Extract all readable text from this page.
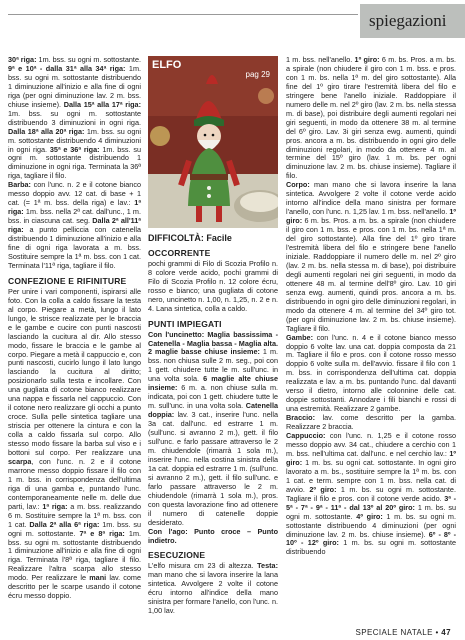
spiegazioni

30ª riga: 1m. bss. su ogni m. sottostante. 9ª e 10ª - dalla 31ª alla 34ª riga: 1m. bss. su ogni m. sottostante distribuendo 1 diminuzione all'inizio e alla fine di ogni riga (per ogni diminuzione lav. 2 m. bss. chiuse insieme). Dalla 15ª alla 17ª riga: 1m. bss. su ogni m. sottostante distribuendo 3 diminuzioni in ogni riga. Dalla 18ª alla 20ª riga: 1m. bss. su ogni m. sottostante distribuendo 4 diminuzioni in ogni riga. 35ª e 36ª riga: 1m. bss. su ogni m. sottostante distribuendo 1 diminuzione in ogni riga. Terminata la 36ª riga, tagliare il filo.

Barba: con l'unc. n. 2 e il cotone bianco messo doppio avv. 12 cat. di base + 1 cat. (= 1ª m. bss. della riga) e lav.: 1ª riga: 1m. bss. nella 2ª cat. dall'unc., 1 m. bss. in ciascuna cat. seg. Dalla 2ª all'11ª riga: a punto pelliccia con catenella distribuendo 1 diminuzione all'inizio e alla fine di ogni riga lavorata a m. bss. Sostituire sempre la 1ª m. bss. con 1 cat. Terminata l'11ª riga, tagliare il filo.

CONFEZIONE E RIFINITURE

Per unire i vari componenti, ispirarsi alle foto. Con la colla a caldo fissare la testa al corpo. Piegare a metà, lungo il lato lungo, le strisce realizzate per le braccia e le gambe e cucire con punti nascosti lasciando la cucitura al dir. Allo stesso modo, fissare le braccia e le gambe al corpo. Piegare a metà il cappuccio e, con punti nascosti, cucirlo lungo il lato lungo lasciando la cucitura al diritto; posizionarlo sulla testa e incollare. Con una gugliata di cotone bianco realizzare una nappa e fissarla nel cappuccio. Con il cotone nero realizzare gli occhi a punto croce. Sulla pelle sintetica tagliare una striscia per ottenere la cintura e con la colla a caldo fissarla sul corpo. Allo stesso modo fissare la barba sul viso e i bottoni sul corpo. Per realizzare una scarpa, con l'unc. n. 2 e il cotone marrone messo doppio fissare il filo con 1 m. bss. in corrispondenza dell'ultima riga di una gamba e, puntando l'unc. contemporaneamente nelle m. delle due parti, lav.: 1ª riga: a m. bss. realizzando 6 m. Sostituire sempre la 1ª m. bss. con 1 cat. Dalla 2ª alla 6ª riga: 1m. bss. su ogni m. sottostante. 7ª e 8ª riga: 1m. bss. su ogni m. sottostante distribuendo 1 diminuzione all'inizio e alla fine di ogni riga. Terminata l'8ª riga, tagliare il filo. Realizzare l'altra scarpa allo stesso modo. Per realizzare le mani lav. come descritto per le scarpe usando il cotone écru messo doppio.

ELFO
pag 29
DIFFICOLTÀ: Facile
OCCORRENTE

pochi grammi di Filo di Scozia Profilo n. 8 colore verde acido, pochi grammi di Filo di Scozia Profilo n. 12 colore écru, rosso e bianco; una gugliata di cotone nero, uncinetto n. 1,00, n. 1,25, n. 2 e n. 4. Lana sintetica, colla a caldo.

PUNTI IMPIEGATI

Con l'uncinetto: Maglia bassissima - Catenella - Maglia bassa - Maglia alta. 2 maglie basse chiuse insieme: 1 m. bss. non chiusa sulle 2 m. seg., poi con 1 gett. chiudere tutte le m. sull'unc. in una volta sola. 6 maglie alte chiuse insieme: 6 m. a. non chiuse sulla m. indicata, poi con 1 gett. chiudere tutte le m. sull'unc. in una volta sola. Catenella doppia: lav. 3 cat., inserire l'unc. nella 3a cat. dall'unc. ed estrarre 1 m. (sull'unc. si avranno 2 m.), gett. il filo sull'unc. e farlo passare attraverso le 2 m. chiudendole (rimarrà 1 sola m.), inserire l'unc. nella costina sinistra della 1a cat. doppia ed estrarre 1 m. (sull'unc. si avranno 2 m.), gett. il filo sull'unc. e farlo passare attraverso le 2 m. chiudendole (rimarrà 1 sola m.), pros. con questa lavorazione fino ad ottenere il numero di catenelle doppie desiderato.

Con l'ago: Punto croce – Punto indietro.

ESECUZIONE

L'elfo misura cm 23 di altezza. Testa: man mano che si lavora inserire la lana sintetica. Avvolgere 2 volte il cotone écru intorno all'indice della mano sinistra per formare l'anello, con l'unc. n. 1,00 lav.

1 m. bss. nell'anello. 1º giro: 6 m. bs. Pros. a m. bs. a spirale (non chiudere il giro con 1 m. bss. e pros. con 1 m. bs. nella 1ª m. del giro sottostante). Alla fine del 1º giro tirare l'estremità libera del filo e stringere bene l'anello iniziale. Raddoppiare il numero delle m. nel 2º giro (lav. 2 m. bs. nella stessa m. di base), poi distribuire degli aumenti regolari nei giri seguenti, in modo da ottenere 38 m. al termine del 6º giro. Lav. 3i giri senza ewg. aumenti, quindi pros. ancora a m. bs. distribuendo in ogni giro delle diminuzioni regolari, in modo da ottenere 4 m. al termine del 15º giro (lav. 1 m. bs. per ogni diminuzione lav. 2 m. bs. chiuse insieme). Tagliare il filo.

Corpo: man mano che si lavora inserire la lana sintetica. Avvolgere 2 volte il cotone verde acido intorno all'indice della mano sinistra per formare l'anello, con l'unc. n. 1,25 lav. 1 m. bss. nell'anello. 1º giro: 6 m. bs. Pros. a m. bs. a spirale (non chiudere il giro con 1 m. bss. e pros. con 1 m. bs. nella 1ª m. del giro sottostante). Alla fine del 1º giro tirare l'estremità libera del filo e stringere bene l'anello iniziale. Raddoppiare il numero delle m. nel 2º giro (lav. 2 m. bs. nella stessa m. di base), poi distribuire degli aumenti regolari nei giri seguenti, in modo da ottenere 48 m. al termine dell'8º giro. Lav. 10 giri senza ewg. aumenti, quindi pros. ancora a m. bs. distribuendo in ogni giro delle diminuzioni regolari, in modo da ottenere 4 m. al termine del 34º giro tot. (per ogni diminuzione lav. 2 m. bs. chiuse insieme). Tagliare il filo.

Gambe: con l'unc. n. 4 e il cotone bianco messo doppio 6 volte lav. una cat. doppia composta da 21 m. Tagliare il filo e pros. con il cotone rosso messo doppio 6 volte sulla m. dell'avvio. fissare il filo con 1 m. bss. in corrispondenza dell'ultima cat. doppia realizzata e lav. a m. bs. puntando l'unc. dal davanti verso il dietro, intorno alle colonnine delle cat. doppie sottostanti. Annodare i fili bianchi e rossi di una estremità. Realizzare 2 gambe.

Braccio: lav. come descritto per la gamba. Realizzare 2 braccia.

Cappuccio: con l'unc. n. 1,25 e il cotone rosso messo doppio avv. 34 cat., chiudere a cerchio con 1 m. bss. nell'ultima cat. dall'unc. e nel cerchio lav.: 1º giro: 1 m. bs. su ogni cat. sottostante. In ogni giro lavorato a m. bs., sostituire sempre la 1ª m. bs. con 1 cat. e term. sempre con 1 m. bss. nella cat. di avvio. 2º giro: 1 m. bs. su ogni m. sottostante. Tagliare il filo e pros. con il cotone verde acido. 3ª - 5ª - 7ª - 9ª - 11ª - dal 13º al 20º giro: 1 m. bs. su ogni m. sottostante. 4º giro: 1 m. bs. su ogni m. sottostante distribuendo 4 diminuzioni (per ogni diminuzione lav. 2 m. bs. chiuse insieme). 6º - 8º - 10º - 12º giro: 1 m. bs. su ogni m. sottostante distribuendo

SPECIALE NATALE • 47
